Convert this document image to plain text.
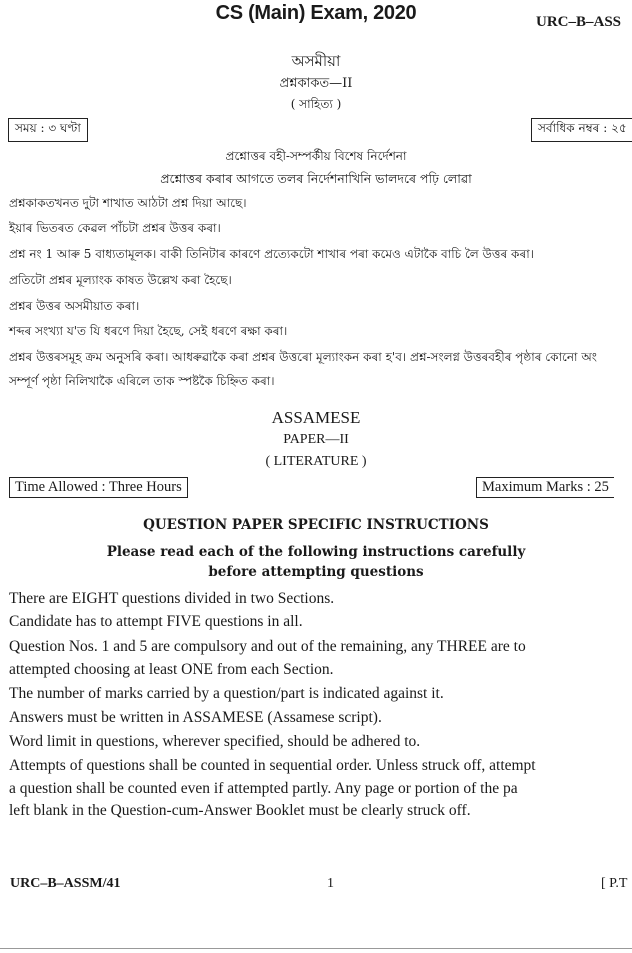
CS (Main) Exam, 2020	URC–B–ASS
অসমীয়া
প্ৰশ্নকাকত—II
( সাহিত্য )
সময় : ৩ ঘণ্টা	সৰ্বাধিক নম্বৰ : ২৫
প্ৰশ্নোত্তৰ বহী-সম্পৰ্কীয় বিশেষ নিৰ্দেশনা
প্ৰশ্নোত্তৰ কৰাৰ আগতে তলৰ নিৰ্দেশনাখিনি ভালদৰে পঢ়ি লোৱা
প্ৰশ্নকাকতখনত দুটা শাখাত আঠটা প্ৰশ্ন দিয়া আছে।
ইয়াৰ ভিতৰত কেৱল পাঁচটা প্ৰশ্নৰ উত্তৰ কৰা।
প্ৰশ্ন নং 1 আৰু 5 বাধ্যতামূলক। বাকী তিনিটাৰ কাৰণে প্ৰত্যেকটো শাখাৰ পৰা কমেও এটাকৈ বাচি লৈ উত্তৰ কৰা।
প্ৰতিটো প্ৰশ্নৰ মূল্যাংক কাষত উল্লেখ কৰা হৈছে।
প্ৰশ্নৰ উত্তৰ অসমীয়াত কৰা।
শব্দৰ সংখ্যা য'ত যি ধৰণে দিয়া হৈছে, সেই ধৰণে ৰক্ষা কৰা।
প্ৰশ্নৰ উত্তৰসমূহ ক্ৰম অনুসৰি কৰা। আধৰুৱাকৈ কৰা প্ৰশ্নৰ উত্তৰো মূল্যাংকন কৰা হ'ব। প্ৰশ্ন-সংলগ্ন উত্তৰবহীৰ পৃষ্ঠাৰ কোনো অং
সম্পূৰ্ণ পৃষ্ঠা নিলিখাকৈ এৰিলে তাক স্পষ্টকৈ চিহ্নিত কৰা।
ASSAMESE
PAPER—II
( LITERATURE )
Time Allowed : Three Hours	Maximum Marks : 25
QUESTION PAPER SPECIFIC INSTRUCTIONS
Please read each of the following instructions carefully
before attempting questions
There are EIGHT questions divided in two Sections.
Candidate has to attempt FIVE questions in all.
Question Nos. 1 and 5 are compulsory and out of the remaining, any THREE are to
attempted choosing at least ONE from each Section.
The number of marks carried by a question/part is indicated against it.
Answers must be written in ASSAMESE (Assamese script).
Word limit in questions, wherever specified, should be adhered to.
Attempts of questions shall be counted in sequential order. Unless struck off, attempt
a question shall be counted even if attempted partly. Any page or portion of the pa
left blank in the Question-cum-Answer Booklet must be clearly struck off.
URC–B–ASSM/41	1	[ P.T
